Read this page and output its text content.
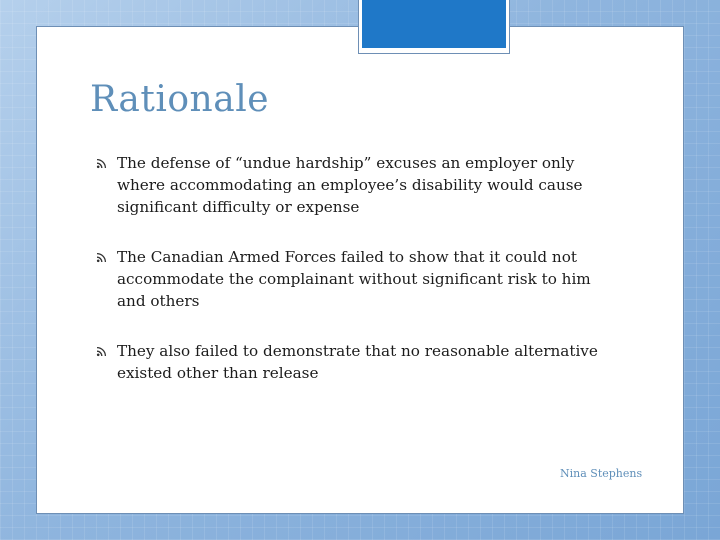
Rationale
The defense of “undue hardship” excuses an employer only where accommodating an employee’s disability would cause significant difficulty or expense
The Canadian Armed Forces failed to show that it could not accommodate the complainant without significant risk to him and others
They also failed to demonstrate that no reasonable alternative existed other than release
Nina Stephens
